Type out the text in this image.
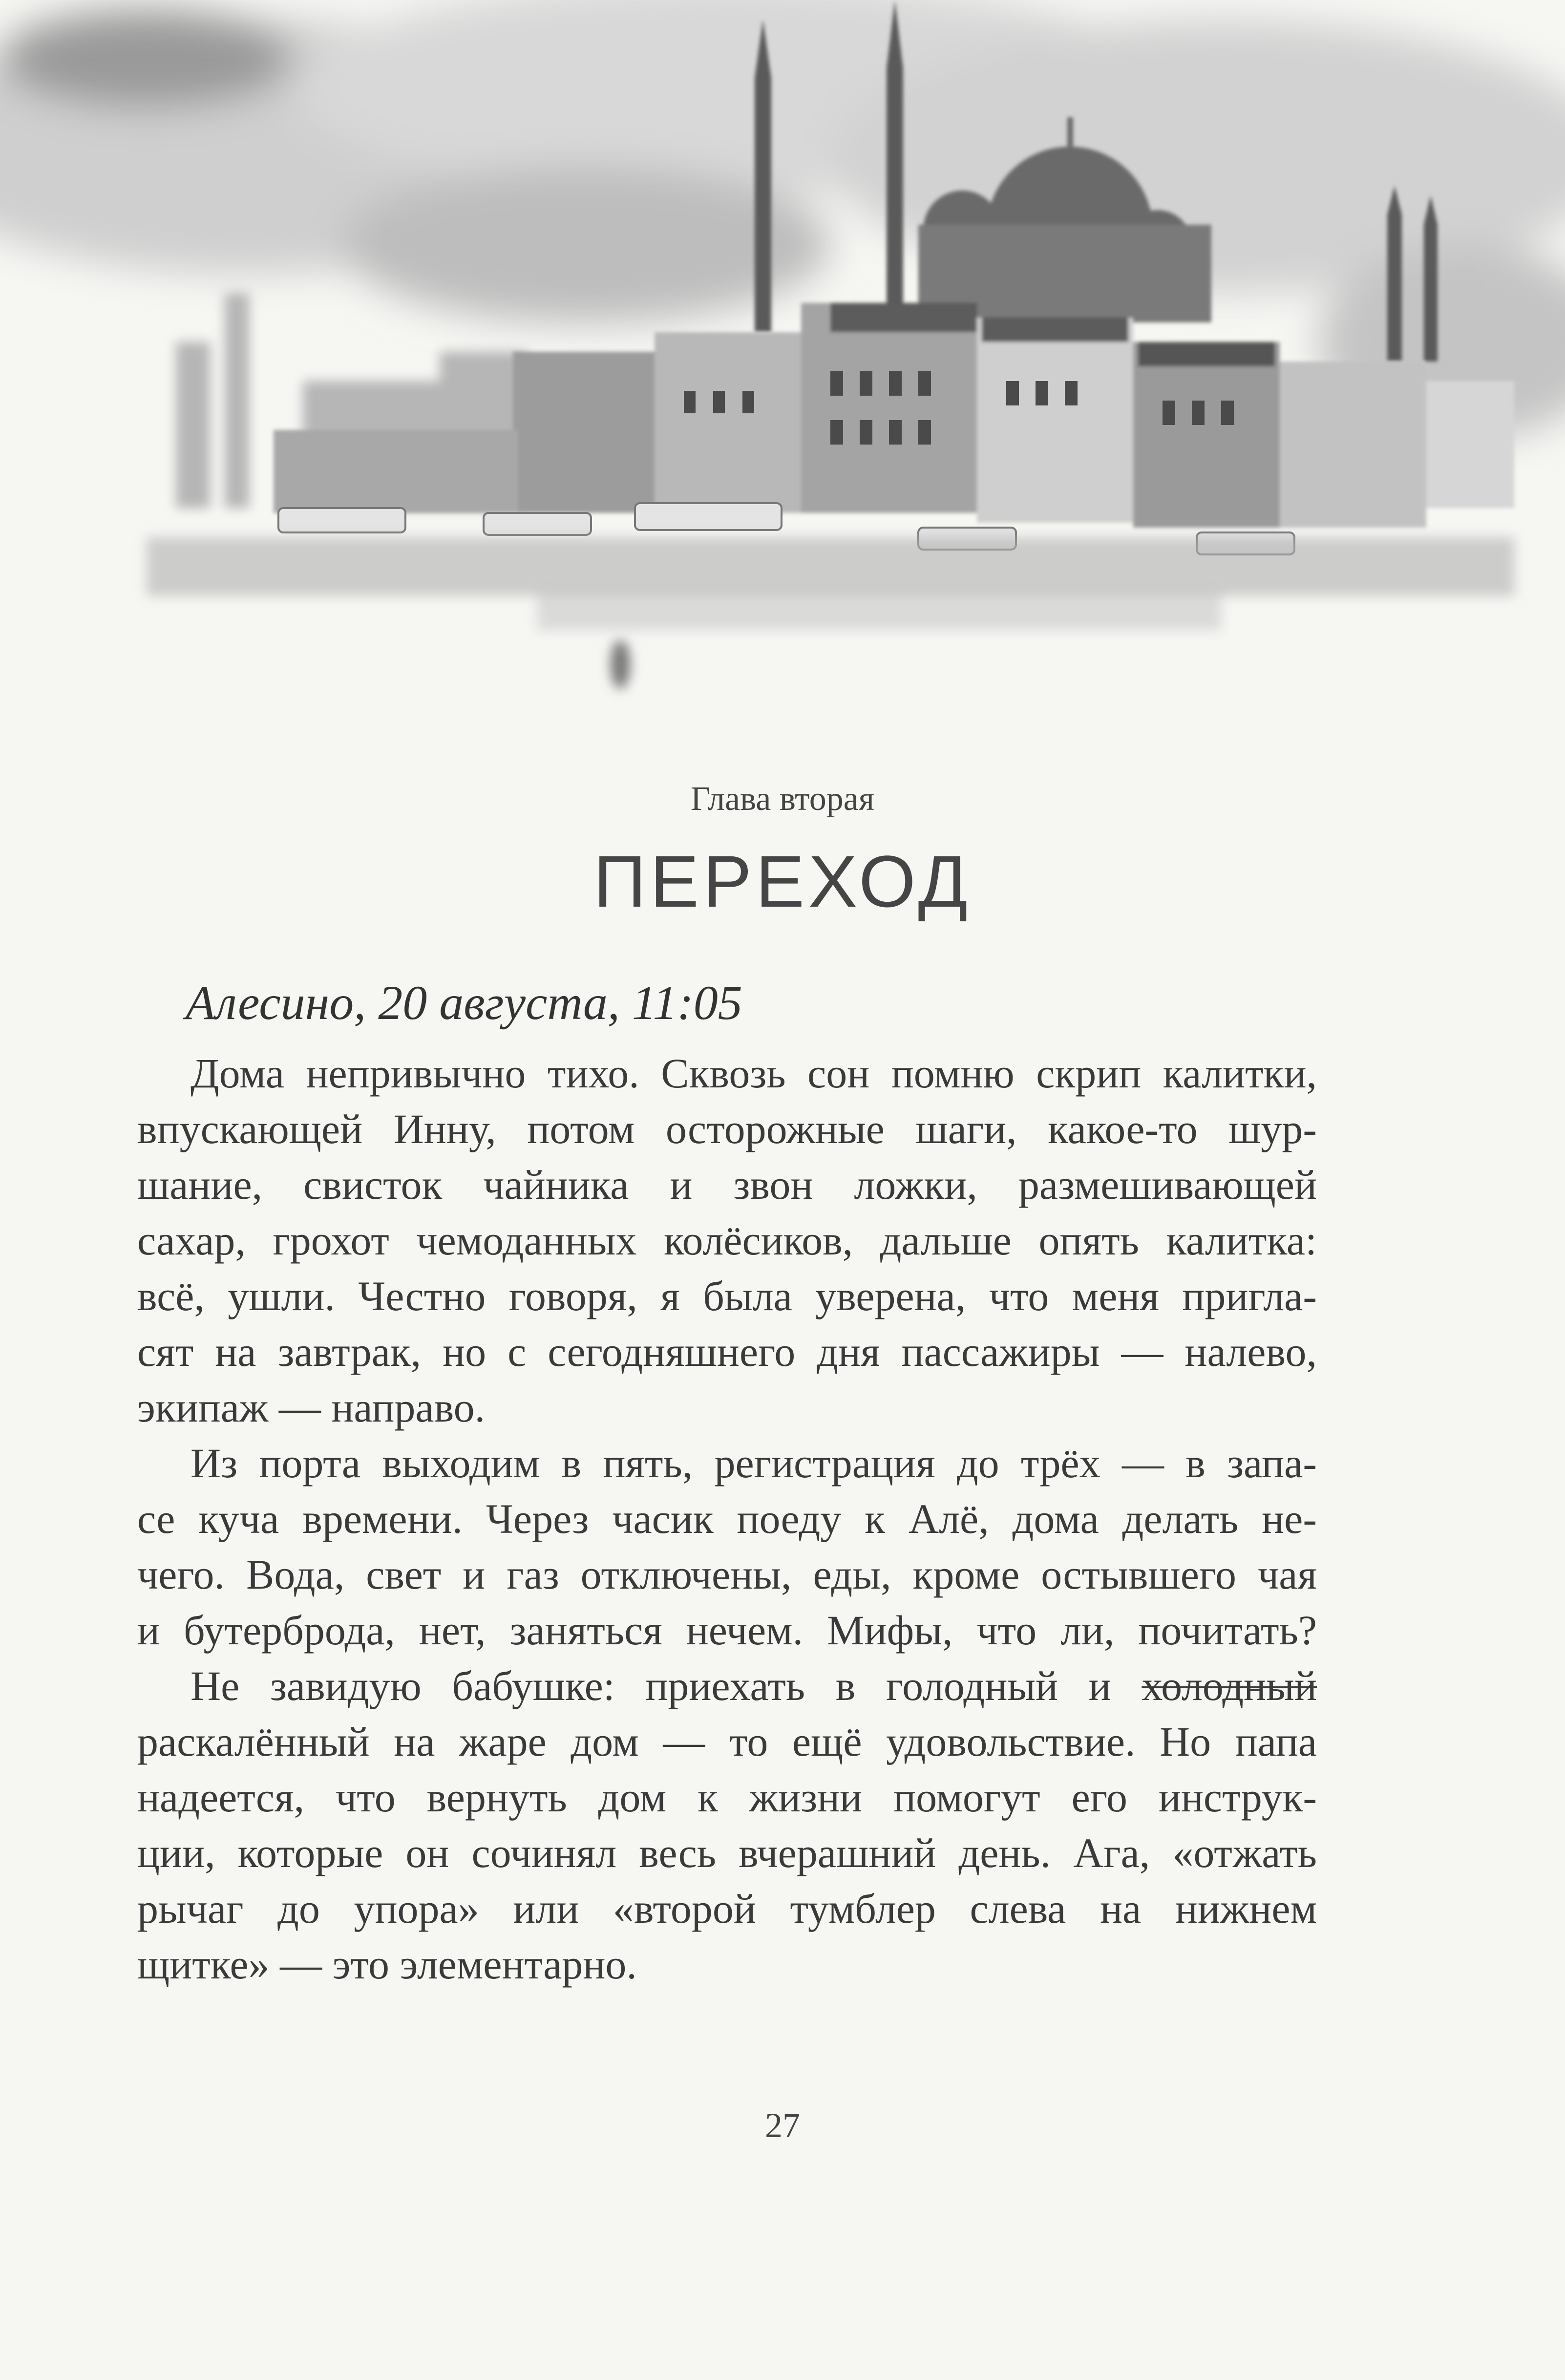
Глава вторая
ПЕРЕХОД
Алесино, 20 августа, 11:05
Дома непривычно тихо. Сквозь сон помню скрип калитки,
впускающей Инну, потом осторожные шаги, какое-то шур-
шание, свисток чайника и звон ложки, размешивающей
сахар, грохот чемоданных колёсиков, дальше опять калитка:
всё, ушли. Честно говоря, я была уверена, что меня пригла-
сят на завтрак, но с сегодняшнего дня пассажиры — налево,
экипаж — направо.
Из порта выходим в пять, регистрация до трёх — в запа-
се куча времени. Через часик поеду к Алё, дома делать не-
чего. Вода, свет и газ отключены, еды, кроме остывшего чая
и бутерброда, нет, заняться нечем. Мифы, что ли, почитать?
Не завидую бабушке: приехать в голодный и холодный
раскалённый на жаре дом — то ещё удовольствие. Но папа
надеется, что вернуть дом к жизни помогут его инструк-
ции, которые он сочинял весь вчерашний день. Ага, «отжать
рычаг до упора» или «второй тумблер слева на нижнем
щитке» — это элементарно.
27
